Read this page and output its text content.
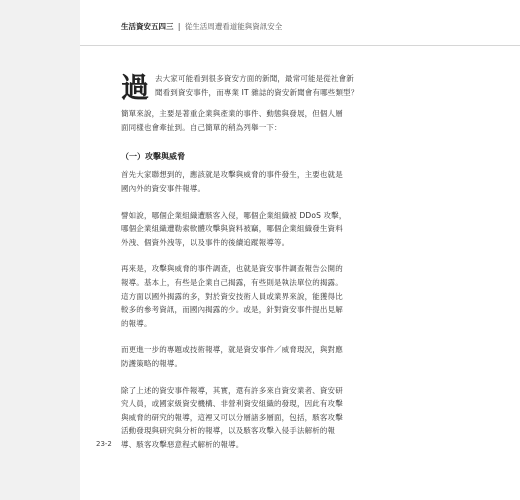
生活資安五四三 | 從生活周遭看道能與資訊安全
過 去大家可能看到很多資安方面的新聞，最常可能是從社會新
聞看到資安事件，而專業 IT 雜誌的資安新聞會有哪些類型？
簡單來說，主要是著重企業與產業的事件、動態與發展，但個人層
面同樣也會牽扯到。自己簡單的稍為列舉一下：
（一）攻擊與威脅
首先大家聯想到的，應該就是攻擊與威脅的事件發生，主要也就是
國內外的資安事件報導。
譬如說，哪個企業組織遭駭客入侵，哪個企業組織被 DDoS 攻擊，
哪個企業組織遭勒索軟體攻擊與資料被竊，哪個企業組織發生資料
外洩、個資外洩等，以及事件的後續追蹤報導等。
再來是，攻擊與威脅的事件調查，也就是資安事件調查報告公開的
報導。基本上，有些是企業自己揭露，有些則是執法單位的揭露。
這方面以國外揭露的多，對於資安技術人員或業界來說，能獲得比
較多的參考資訊，而國內揭露的少。或是，針對資安事件提出見解
的報導。
而更進一步的專題或技術報導，就是資安事件／威脅現況，與對應
防護策略的報導。
除了上述的資安事件報導，其實，還有許多來自資安業者、資安研
究人員，或國家級資安機構、非營利資安組織的發現，因此有攻擊
與威脅的研究的報導，這裡又可以分層諸多層面，包括，駭客攻擊
活動發現與研究與分析的報導，以及駭客攻擊入侵手法解析的報
導、駭客攻擊惡意程式解析的報導。
23-2
